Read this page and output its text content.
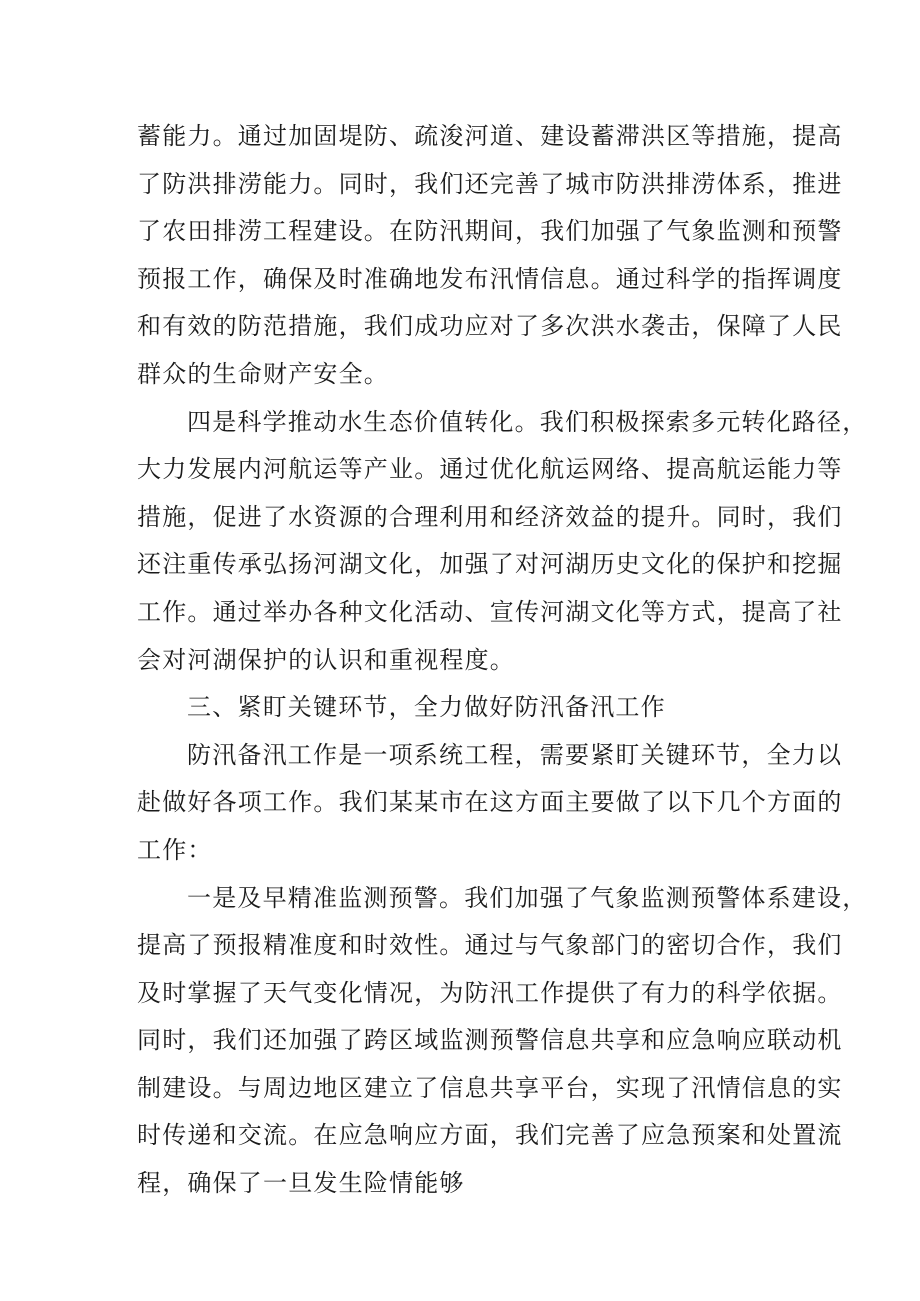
蓄能力。通过加固堤防、疏浚河道、建设蓄滞洪区等措施，提高
了防洪排涝能力。同时，我们还完善了城市防洪排涝体系，推进
了农田排涝工程建设。在防汛期间，我们加强了气象监测和预警
预报工作，确保及时准确地发布汛情信息。通过科学的指挥调度
和有效的防范措施，我们成功应对了多次洪水袭击，保障了人民
群众的生命财产安全。
四是科学推动水生态价值转化。我们积极探索多元转化路径，
大力发展内河航运等产业。通过优化航运网络、提高航运能力等
措施，促进了水资源的合理利用和经济效益的提升。同时，我们
还注重传承弘扬河湖文化，加强了对河湖历史文化的保护和挖掘
工作。通过举办各种文化活动、宣传河湖文化等方式，提高了社
会对河湖保护的认识和重视程度。
三、紧盯关键环节，全力做好防汛备汛工作
防汛备汛工作是一项系统工程，需要紧盯关键环节，全力以
赴做好各项工作。我们某某市在这方面主要做了以下几个方面的
工作：
一是及早精准监测预警。我们加强了气象监测预警体系建设，
提高了预报精准度和时效性。通过与气象部门的密切合作，我们
及时掌握了天气变化情况，为防汛工作提供了有力的科学依据。
同时，我们还加强了跨区域监测预警信息共享和应急响应联动机
制建设。与周边地区建立了信息共享平台，实现了汛情信息的实
时传递和交流。在应急响应方面，我们完善了应急预案和处置流
程，确保了一旦发生险情能够
